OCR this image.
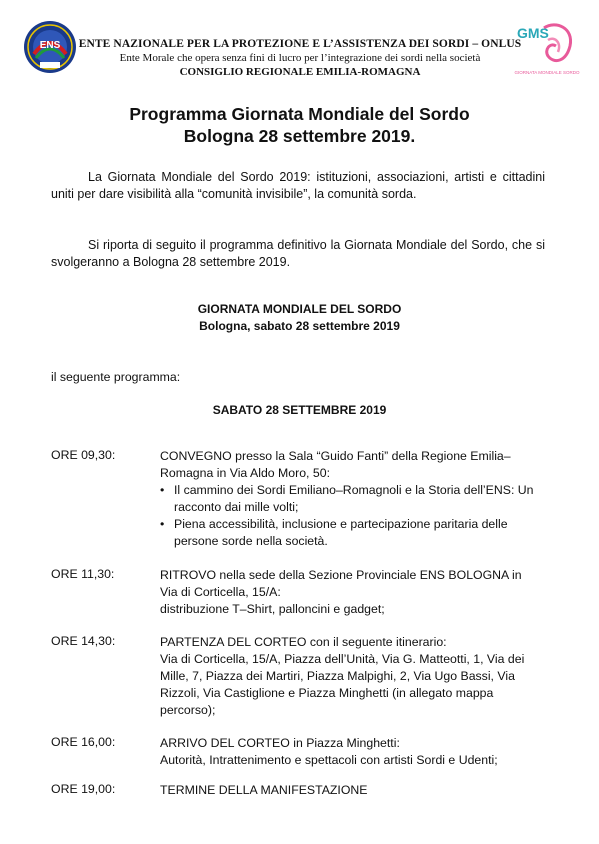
ENS
GMS
GIORNATA MONDIALE SORDO
ENTE NAZIONALE PER LA PROTEZIONE E L’ASSISTENZA DEI SORDI – ONLUS
Ente Morale che opera senza fini di lucro per l’integrazione dei sordi nella società
CONSIGLIO REGIONALE EMILIA-ROMAGNA
Programma Giornata Mondiale del Sordo
Bologna 28 settembre 2019.
La Giornata Mondiale del Sordo 2019: istituzioni, associazioni, artisti e cittadini uniti per dare visibilità alla “comunità invisibile”, la comunità sorda.
Si riporta di seguito il programma definitivo la Giornata Mondiale del Sordo, che si svolgeranno a Bologna 28 settembre 2019.
GIORNATA MONDIALE DEL SORDO
Bologna, sabato 28 settembre 2019
il seguente programma:
SABATO 28 SETTEMBRE 2019
ORE 09,30:	CONVEGNO presso la Sala “Guido Fanti” della Regione Emilia–
Romagna in Via Aldo Moro, 50:
• Il cammino dei Sordi Emiliano–Romagnoli e la Storia dell’ENS: Un
racconto dai mille volti;
• Piena accessibilità, inclusione e partecipazione paritaria delle
persone sorde nella società.
ORE 11,30:	RITROVO nella sede della Sezione Provinciale ENS BOLOGNA in
Via di Corticella, 15/A:
distribuzione T–Shirt, palloncini e gadget;
ORE 14,30:	PARTENZA DEL CORTEO con il seguente itinerario:
Via di Corticella, 15/A, Piazza dell’Unità, Via G. Matteotti, 1, Via dei
Mille, 7, Piazza dei Martiri, Piazza Malpighi, 2, Via Ugo Bassi, Via
Rizzoli, Via Castiglione e Piazza Minghetti (in allegato mappa
percorso);
ORE 16,00:	ARRIVO DEL CORTEO in Piazza Minghetti:
Autorità, Intrattenimento e spettacoli con artisti Sordi e Udenti;
ORE 19,00:	TERMINE DELLA MANIFESTAZIONE
